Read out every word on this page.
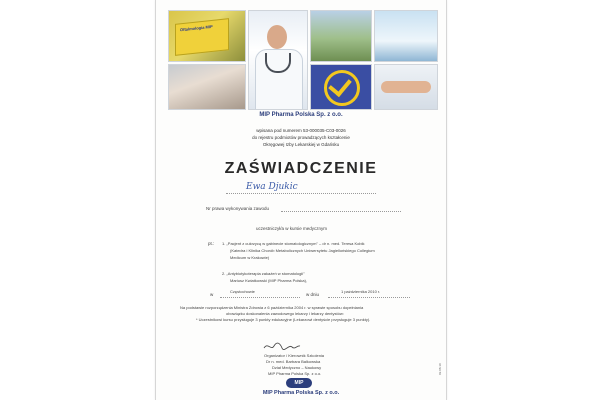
Oftalmologia MIP
MIP Pharma Polska Sp. z o.o.
wpisana pod numerem 53-000035-C03-0026
do rejestru podmiotów prowadzących kształcenie
Okręgowej Izby Lekarskiej w Gdańsku
ZAŚWIADCZENIE
Ewa Djukic
Nr prawa wykonywania zawodu
uczestniczył/a w kursie medycznym
pt.: 1. „Pacjent z cukrzycą w gabinecie stomatologicznym" – dr n. med. Teresa Kobik
(Katedra i Klinika Chorób Metabolicznych Uniwersytetu Jagiellońskiego Collegium
Medicum w Krakowie)
2. „Antybiotykoterapia zakażeń w stomatologii"
Mariusz Kwiatkowski (MIP Pharma Polska),
w
Częstochowie
w dniu
1 października 2010 r.
Na podstawie rozporządzenia Ministra Zdrowia z 6 października 2004 r. w sprawie sposobu dopełniania
obowiązku doskonalenia zawodowego lekarzy i lekarzy dentystów:
* Uczestnikowi kursu przysługuje 3 punkty edukacyjne (Lekarzowi dentyście przysługuje 3 punkty).
Organizator / Kierownik Szkolenia
Dr n. med. Barbara Balkowska
Dział Medyczno – Naukowy
MIP Pharma Polska Sp. z o.o.
MIP
MIP Pharma Polska Sp. z o.o.
03.08.10
